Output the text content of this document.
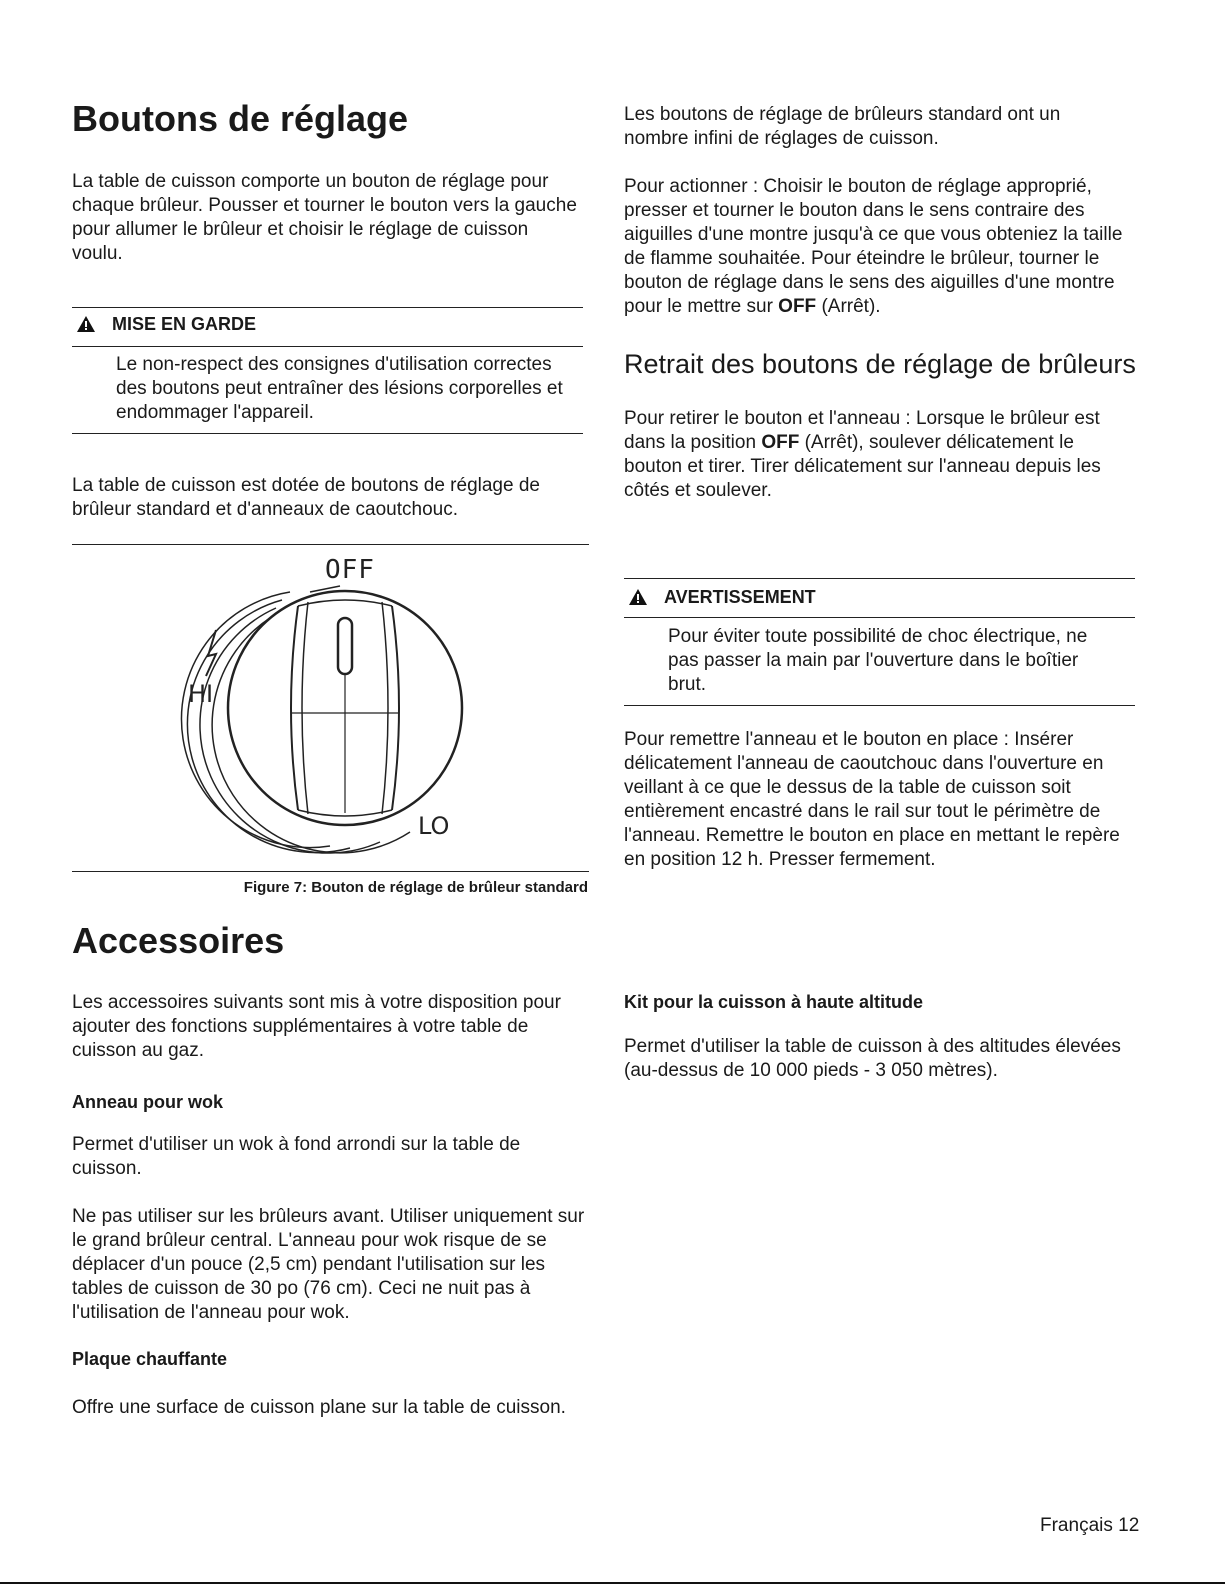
Boutons de réglage

La table de cuisson comporte un bouton de réglage pour chaque brûleur. Pousser et tourner le bouton vers la gauche pour allumer le brûleur et choisir le réglage de cuisson voulu.

MISE EN GARDE

Le non-respect des consignes d'utilisation correctes des boutons peut entraîner des lésions corporelles et endommager l'appareil.

La table de cuisson est dotée de boutons de réglage de brûleur standard et d'anneaux de caoutchouc.

OFF
HI
LO
Figure 7: Bouton de réglage de brûleur standard

Les boutons de réglage de brûleurs standard ont un nombre infini de réglages de cuisson.

Pour actionner : Choisir le bouton de réglage approprié, presser et tourner le bouton dans le sens contraire des aiguilles d'une montre jusqu'à ce que vous obteniez la taille de flamme souhaitée. Pour éteindre le brûleur, tourner le bouton de réglage dans le sens des aiguilles d'une montre pour le mettre sur OFF (Arrêt).

Retrait des boutons de réglage de brûleurs

Pour retirer le bouton et l'anneau : Lorsque le brûleur est dans la position OFF (Arrêt), soulever délicatement le bouton et tirer. Tirer délicatement sur l'anneau depuis les côtés et soulever.

AVERTISSEMENT

Pour éviter toute possibilité de choc électrique, ne pas passer la main par l'ouverture dans le boîtier brut.

Pour remettre l'anneau et le bouton en place : Insérer délicatement l'anneau de caoutchouc dans l'ouverture en veillant à ce que le dessus de la table de cuisson soit entièrement encastré dans le rail sur tout le périmètre de l'anneau. Remettre le bouton en place en mettant le repère en position 12 h. Presser fermement.

Accessoires

Les accessoires suivants sont mis à votre disposition pour ajouter des fonctions supplémentaires à votre table de cuisson au gaz.

Anneau pour wok

Permet d'utiliser un wok à fond arrondi sur la table de cuisson.

Ne pas utiliser sur les brûleurs avant. Utiliser uniquement sur le grand brûleur central. L'anneau pour wok risque de se déplacer d'un pouce (2,5 cm) pendant l'utilisation sur les tables de cuisson de 30 po (76 cm). Ceci ne nuit pas à l'utilisation de l'anneau pour wok.

Plaque chauffante

Offre une surface de cuisson plane sur la table de cuisson.

Kit pour la cuisson à haute altitude

Permet d'utiliser la table de cuisson à des altitudes élevées (au-dessus de 10 000 pieds - 3 050 mètres).

Français 12
